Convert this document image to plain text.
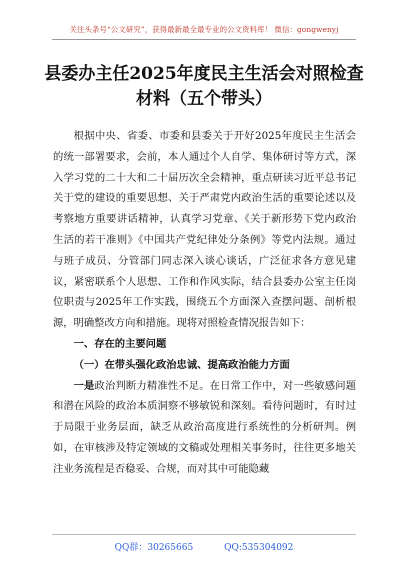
关注头条号“公文研究”，获得最新最全最专业的公文资料库！ 微信：gongwenyj
县委办主任2025年度民主生活会对照检查材料（五个带头）

根据中央、省委、市委和县委关于开好2025年度民主生活会的统一部署要求，会前，本人通过个人自学、集体研讨等方式，深入学习党的二十大和二十届历次全会精神，重点研读习近平总书记关于党的建设的重要思想、关于严肃党内政治生活的重要论述以及考察地方重要讲话精神，认真学习党章、《关于新形势下党内政治生活的若干准则》《中国共产党纪律处分条例》等党内法规。通过与班子成员、分管部门同志深入谈心谈话，广泛征求各方意见建议，紧密联系个人思想、工作和作风实际，结合县委办公室主任岗位职责与2025年工作实践，围绕五个方面深入查摆问题、剖析根源，明确整改方向和措施。现将对照检查情况报告如下：

一、存在的主要问题

（一）在带头强化政治忠诚、提高政治能力方面

一是政治判断力精准性不足。在日常工作中，对一些敏感问题和潜在风险的政治本质洞察不够敏锐和深刻。看待问题时，有时过于局限于业务层面，缺乏从政治高度进行系统性的分析研判。例如，在审核涉及特定领域的文稿或处理相关事务时，往往更多地关注业务流程是否稳妥、合规，而对其中可能隐藏

QQ群：30265665	QQ:535304092
